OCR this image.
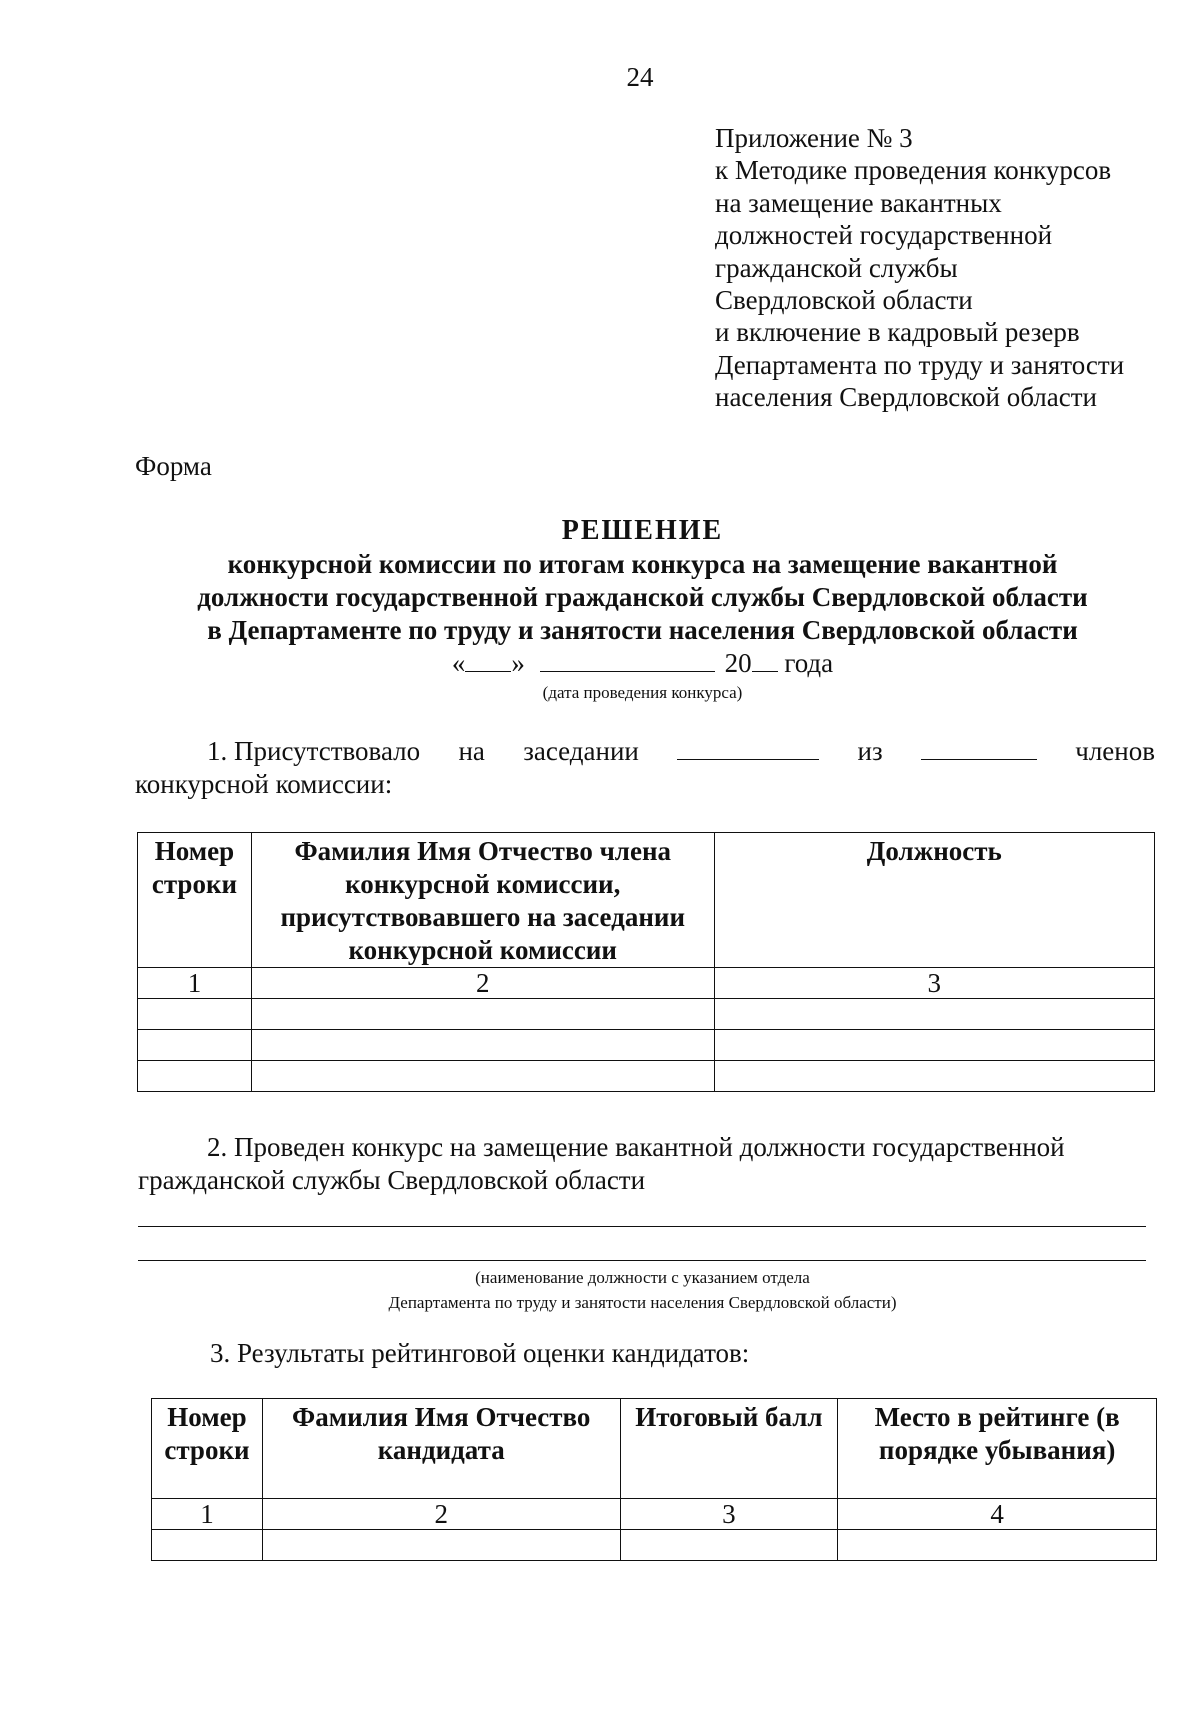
24
Приложение № 3
к Методике проведения конкурсов
на замещение вакантных
должностей государственной
гражданской службы
Свердловской области
и включение в кадровый резерв
Департамента по труду и занятости
населения Свердловской области
Форма
РЕШЕНИЕ
конкурсной комиссии по итогам конкурса на замещение вакантной
должности государственной гражданской службы Свердловской области
в Департаменте по труду и занятости населения Свердловской области
« »	20 года
(дата проведения конкурса)
1. Присутствовало на заседании	из	членов
конкурсной комиссии:
Номер строки	Фамилия Имя Отчество члена конкурсной комиссии, присутствовавшего на заседании конкурсной комиссии	Должность
1	2	3

2. Проведен конкурс на замещение вакантной должности государственной
гражданской службы Свердловской области
(наименование должности с указанием отдела
Департамента по труду и занятости населения Свердловской области)
3. Результаты рейтинговой оценки кандидатов:
Номер строки	Фамилия Имя Отчество кандидата	Итоговый балл	Место в рейтинге (в порядке убывания)
1	2	3	4
